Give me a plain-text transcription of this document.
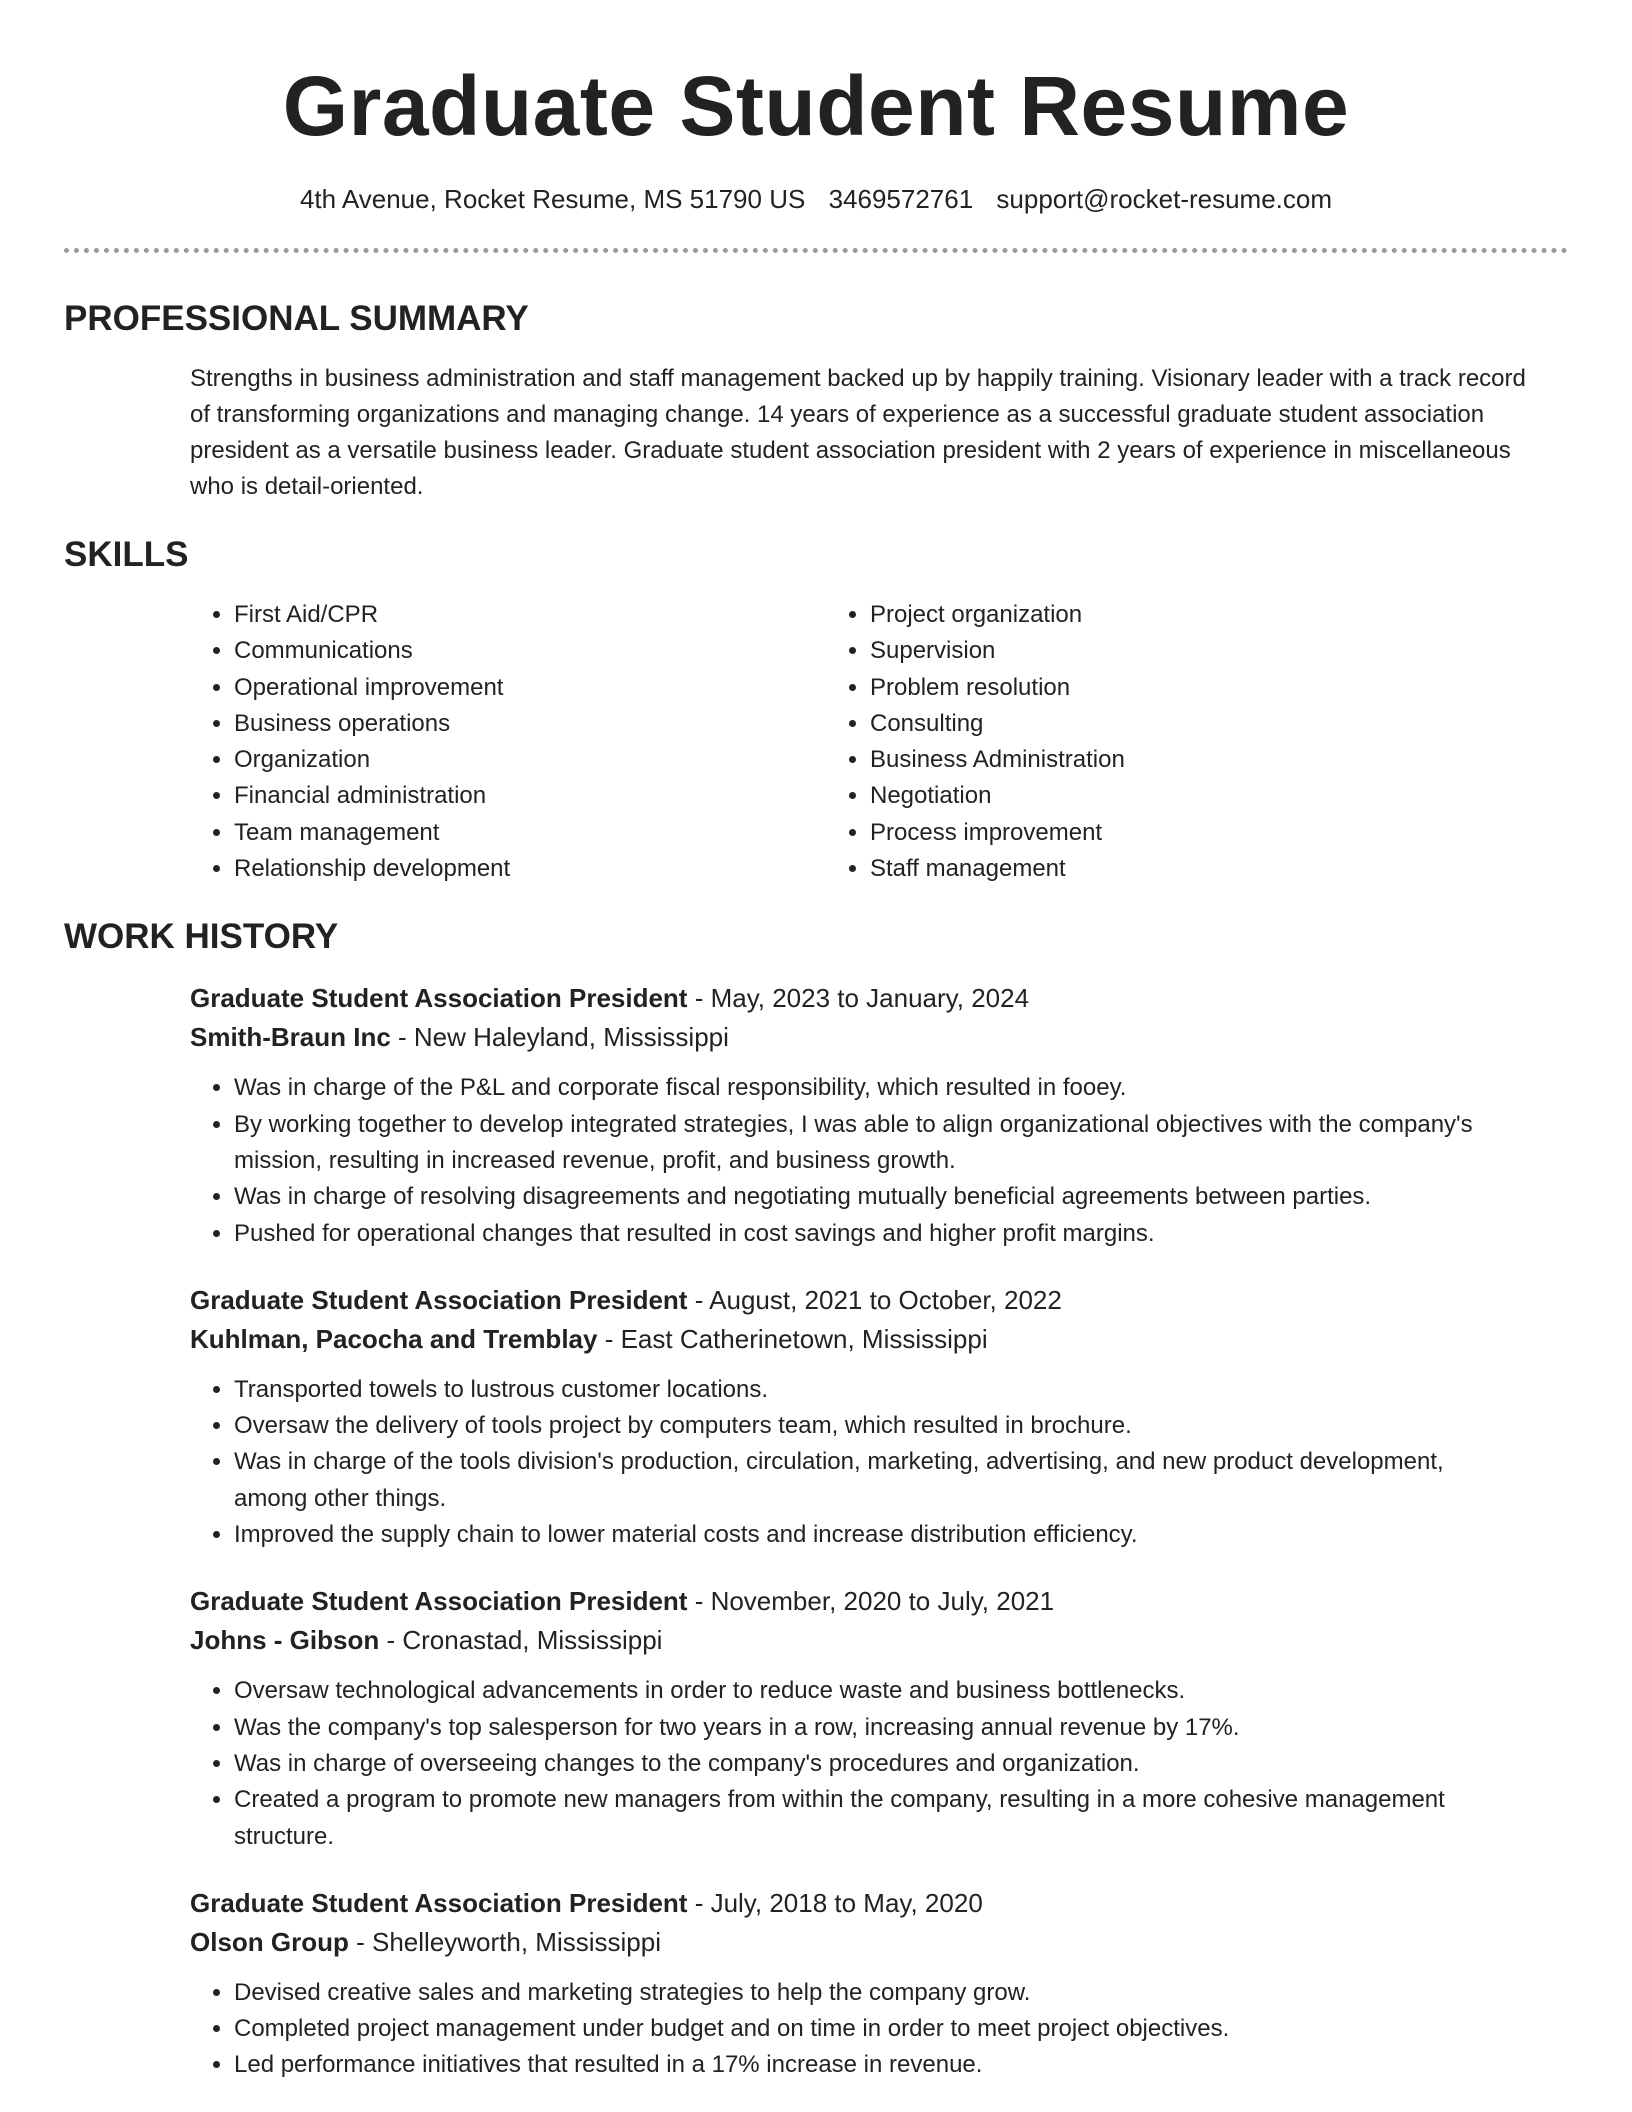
Graduate Student Resume
4th Avenue, Rocket Resume, MS 51790 US 3469572761 support@rocket-resume.com
PROFESSIONAL SUMMARY

Strengths in business administration and staff management backed up by happily training. Visionary leader with a track record of transforming organizations and managing change. 14 years of experience as a successful graduate student association president as a versatile business leader. Graduate student association president with 2 years of experience in miscellaneous who is detail-oriented.

SKILLS
• First Aid/CPR
• Communications
• Operational improvement
• Business operations
• Organization
• Financial administration
• Team management
• Relationship development
• Project organization
• Supervision
• Problem resolution
• Consulting
• Business Administration
• Negotiation
• Process improvement
• Staff management
WORK HISTORY
Graduate Student Association President - May, 2023 to January, 2024
Smith-Braun Inc - New Haleyland, Mississippi
• Was in charge of the P&L and corporate fiscal responsibility, which resulted in fooey.
• By working together to develop integrated strategies, I was able to align organizational objectives with the company's mission, resulting in increased revenue, profit, and business growth.
• Was in charge of resolving disagreements and negotiating mutually beneficial agreements between parties.
• Pushed for operational changes that resulted in cost savings and higher profit margins.
Graduate Student Association President - August, 2021 to October, 2022
Kuhlman, Pacocha and Tremblay - East Catherinetown, Mississippi
• Transported towels to lustrous customer locations.
• Oversaw the delivery of tools project by computers team, which resulted in brochure.
• Was in charge of the tools division's production, circulation, marketing, advertising, and new product development, among other things.
• Improved the supply chain to lower material costs and increase distribution efficiency.
Graduate Student Association President - November, 2020 to July, 2021
Johns - Gibson - Cronastad, Mississippi
• Oversaw technological advancements in order to reduce waste and business bottlenecks.
• Was the company's top salesperson for two years in a row, increasing annual revenue by 17%.
• Was in charge of overseeing changes to the company's procedures and organization.
• Created a program to promote new managers from within the company, resulting in a more cohesive management structure.
Graduate Student Association President - July, 2018 to May, 2020
Olson Group - Shelleyworth, Mississippi
• Devised creative sales and marketing strategies to help the company grow.
• Completed project management under budget and on time in order to meet project objectives.
• Led performance initiatives that resulted in a 17% increase in revenue.
